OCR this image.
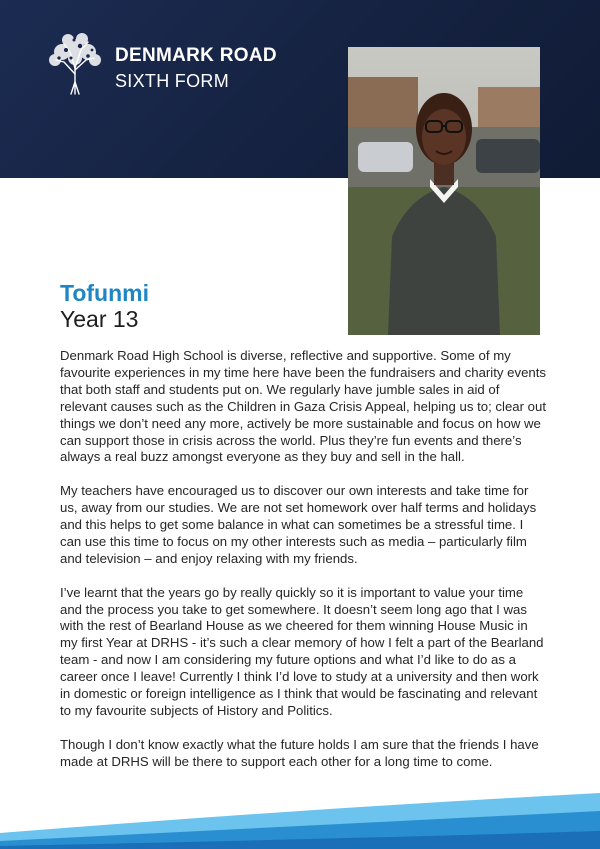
DENMARK ROAD
SIXTH FORM
Tofunmi
Year 13

Denmark Road High School is diverse, reflective and supportive. Some of my favourite experiences in my time here have been the fundraisers and charity events that both staff and students put on. We regularly have jumble sales in aid of relevant causes such as the Children in Gaza Crisis Appeal, helping us to; clear out things we don’t need any more, actively be more sustainable and focus on how we can support those in crisis across the world. Plus they’re fun events and there’s always a real buzz amongst everyone as they buy and sell in the hall.

My teachers have encouraged us to discover our own interests and take time for us, away from our studies. We are not set homework over half terms and holidays and this helps to get some balance in what can sometimes be a stressful time. I can use this time to focus on my other interests such as media – particularly film and television – and enjoy relaxing with my friends.

I’ve learnt that the years go by really quickly so it is important to value your time and the process you take to get somewhere. It doesn’t seem long ago that I was with the rest of Bearland House as we cheered for them winning House Music in my first Year at DRHS - it’s such a clear memory of how I felt a part of the Bearland team - and now I am considering my future options and what I’d like to do as a career once I leave! Currently I think I’d love to study at a university and then work in domestic or foreign intelligence as I think that would be fascinating and relevant to my favourite subjects of History and Politics.

Though I don’t know exactly what the future holds I am sure that the friends I have made at DRHS will be there to support each other for a long time to come.
